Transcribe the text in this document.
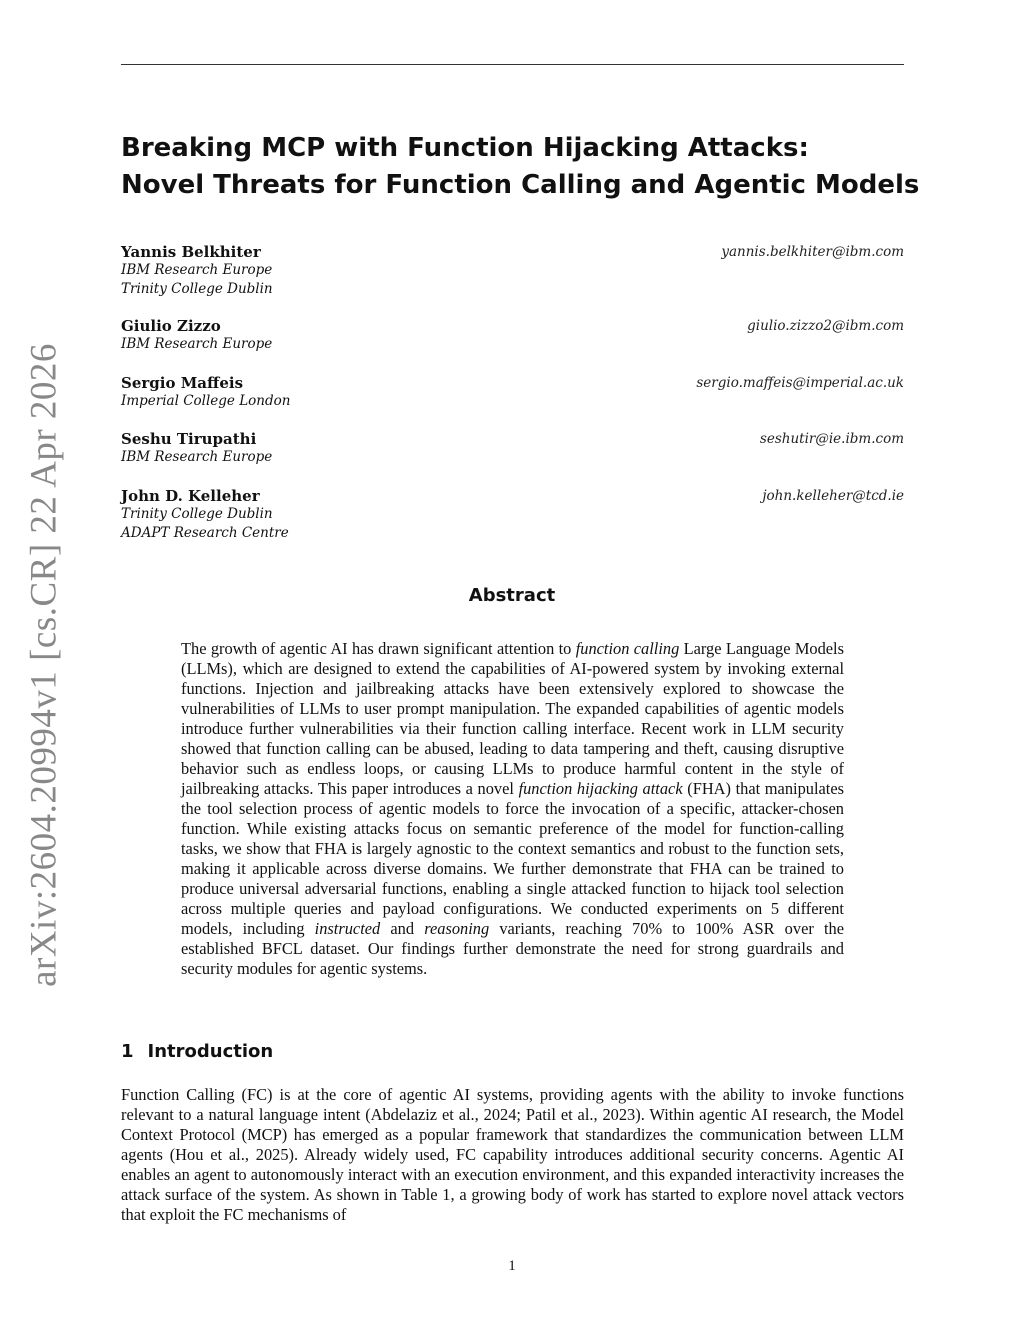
arXiv:2604.20994v1 [cs.CR] 22 Apr 2026
Breaking MCP with Function Hijacking Attacks:
Novel Threats for Function Calling and Agentic Models
Yannis Belkhiter	yannis.belkhiter@ibm.com
IBM Research Europe
Trinity College Dublin
Giulio Zizzo	giulio.zizzo2@ibm.com
IBM Research Europe
Sergio Maffeis	sergio.maffeis@imperial.ac.uk
Imperial College London
Seshu Tirupathi	seshutir@ie.ibm.com
IBM Research Europe
John D. Kelleher	john.kelleher@tcd.ie
Trinity College Dublin
ADAPT Research Centre
Abstract

The growth of agentic AI has drawn significant attention to function calling Large Language Models (LLMs), which are designed to extend the capabilities of AI-powered system by invoking external functions. Injection and jailbreaking attacks have been extensively explored to showcase the vulnerabilities of LLMs to user prompt manipulation. The expanded capabilities of agentic models introduce further vulnerabilities via their function calling interface. Recent work in LLM security showed that function calling can be abused, leading to data tampering and theft, causing disruptive behavior such as endless loops, or causing LLMs to produce harmful content in the style of jailbreaking attacks. This paper introduces a novel function hijacking attack (FHA) that manipulates the tool selection process of agentic models to force the invocation of a specific, attacker-chosen function. While existing attacks focus on semantic preference of the model for function-calling tasks, we show that FHA is largely agnostic to the context semantics and robust to the function sets, making it applicable across diverse domains. We further demonstrate that FHA can be trained to produce universal adversarial functions, enabling a single attacked function to hijack tool selection across multiple queries and payload configurations. We conducted experiments on 5 different models, including instructed and reasoning variants, reaching 70% to 100% ASR over the established BFCL dataset. Our findings further demonstrate the need for strong guardrails and security modules for agentic systems.

1 Introduction

Function Calling (FC) is at the core of agentic AI systems, providing agents with the ability to invoke functions relevant to a natural language intent (Abdelaziz et al., 2024; Patil et al., 2023). Within agentic AI research, the Model Context Protocol (MCP) has emerged as a popular framework that standardizes the communication between LLM agents (Hou et al., 2025). Already widely used, FC capability introduces additional security concerns. Agentic AI enables an agent to autonomously interact with an execution environment, and this expanded interactivity increases the attack surface of the system. As shown in Table 1, a growing body of work has started to explore novel attack vectors that exploit the FC mechanisms of

1
